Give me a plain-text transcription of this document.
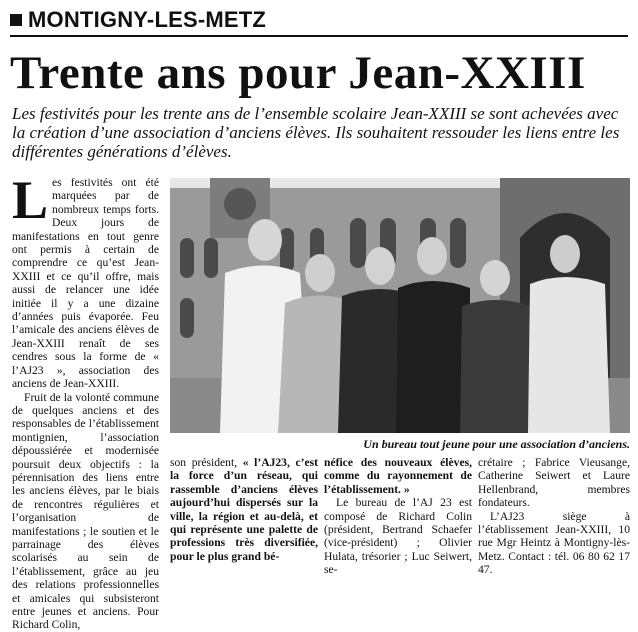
MONTIGNY-LES-METZ
Trente ans pour Jean-XXIII
Les festivités pour les trente ans de l’ensemble scolaire Jean-XXIII se sont achevées avec la création d’une association d’anciens élèves. Ils souhaitent ressouder les liens entre les différentes générations d’élèves.
Les festivités ont été marquées par de nombreux temps forts. Deux jours de manifestations en tout genre ont permis à certain de comprendre ce qu’est Jean-XXIII et ce qu’il offre, mais aussi de relancer une idée initiée il y a une dizaine d’années puis évaporée. Feu l’amicale des anciens élèves de Jean-XXIII renaît de ses cendres sous la forme de « l’AJ23 », association des anciens de Jean-XXIII.
Fruit de la volonté commune de quelques anciens et des responsables de l’établissement montignien, l’association dépoussiérée et modernisée poursuit deux objectifs : la pérennisation des liens entre les anciens élèves, par le biais de rencontres régulières et l’organisation de manifestations ; le soutien et le parrainage des élèves scolarisés au sein de l’établissement, grâce au jeu des relations professionnelles et amicales qui subsisteront entre jeunes et anciens. Pour Richard Colin,
Un bureau tout jeune pour une association d’anciens.
son président, « l’AJ23, c’est la force d’un réseau, qui rassemble d’anciens élèves aujourd’hui dispersés sur la ville, la région et au-delà, et qui représente une palette de professions très diversifiée, pour le plus grand bé-
néfice des nouveaux élèves, comme du rayonnement de l’établissement. »
Le bureau de l’AJ 23 est composé de Richard Colin (président, Bertrand Schaefer (vice-président) ; Olivier Hulata, trésorier ; Luc Seiwert, se-
crétaire ; Fabrice Vieusange, Catherine Seiwert et Laure Hellenbrand, membres fondateurs.
L’AJ23 siège à l’établissement Jean-XXIII, 10 rue Mgr Heintz à Montigny-lès-Metz. Contact : tél. 06 80 62 17 47.
